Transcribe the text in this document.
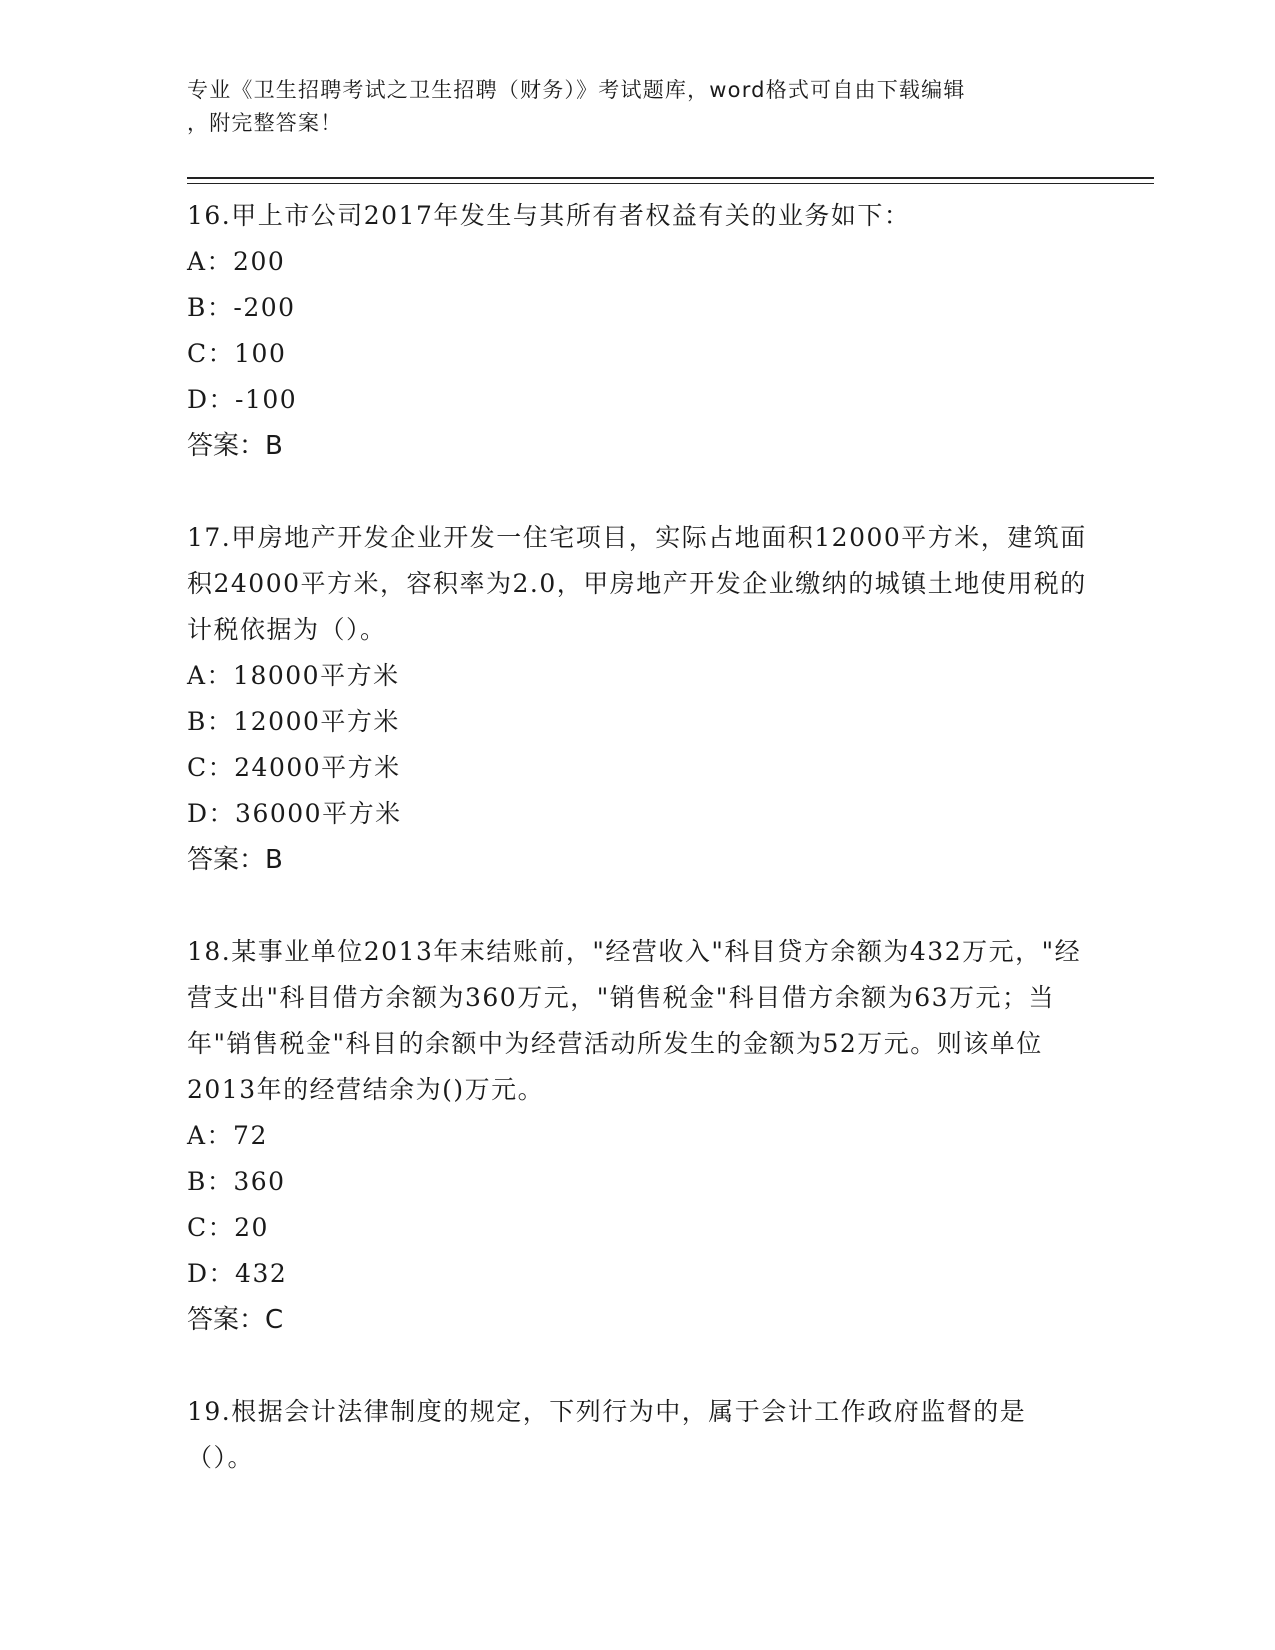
专业《卫生招聘考试之卫生招聘（财务）》考试题库，word格式可自由下载编辑
，附完整答案！
16.甲上市公司2017年发生与其所有者权益有关的业务如下：
A：200
B：-200
C：100
D：-100
答案：B
17.甲房地产开发企业开发一住宅项目，实际占地面积12000平方米，建筑面积24000平方米，容积率为2.0，甲房地产开发企业缴纳的城镇土地使用税的计税依据为（）。
A：18000平方米
B：12000平方米
C：24000平方米
D：36000平方米
答案：B
18.某事业单位2013年末结账前，"经营收入"科目贷方余额为432万元，"经营支出"科目借方余额为360万元，"销售税金"科目借方余额为63万元；当年"销售税金"科目的余额中为经营活动所发生的金额为52万元。则该单位2013年的经营结余为()万元。
A：72
B：360
C：20
D：432
答案：C
19.根据会计法律制度的规定，下列行为中，属于会计工作政府监督的是（）。
